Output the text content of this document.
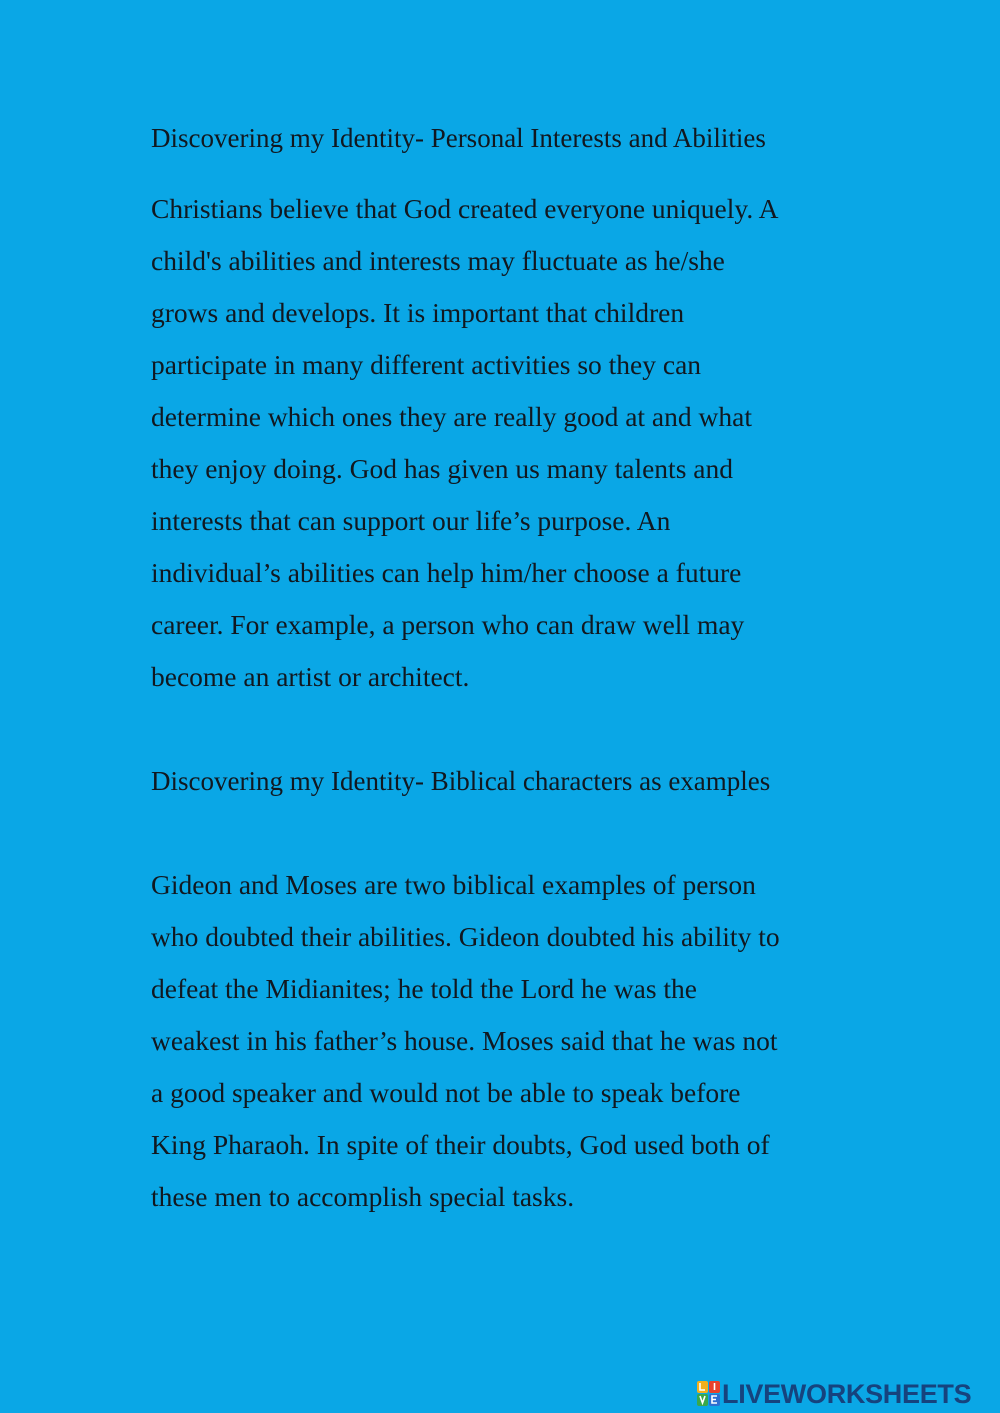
Discovering my Identity- Personal Interests and Abilities
Christians believe that God created everyone uniquely. A
child's abilities and interests may fluctuate as he/she
grows and develops. It is important that children
participate in many different activities so they can
determine which ones they are really good at and what
they enjoy doing. God has given us many talents and
interests that can support our life’s purpose. An
individual’s abilities can help him/her choose a future
career. For example, a person who can draw well may
become an artist or architect.
Discovering my Identity- Biblical characters as examples
Gideon and Moses are two biblical examples of person
who doubted their abilities. Gideon doubted his ability to
defeat the Midianites; he told the Lord he was the
weakest in his father’s house. Moses said that he was not
a good speaker and would not be able to speak before
King Pharaoh. In spite of their doubts, God used both of
these men to accomplish special tasks.
LIVEWORKSHEETS
